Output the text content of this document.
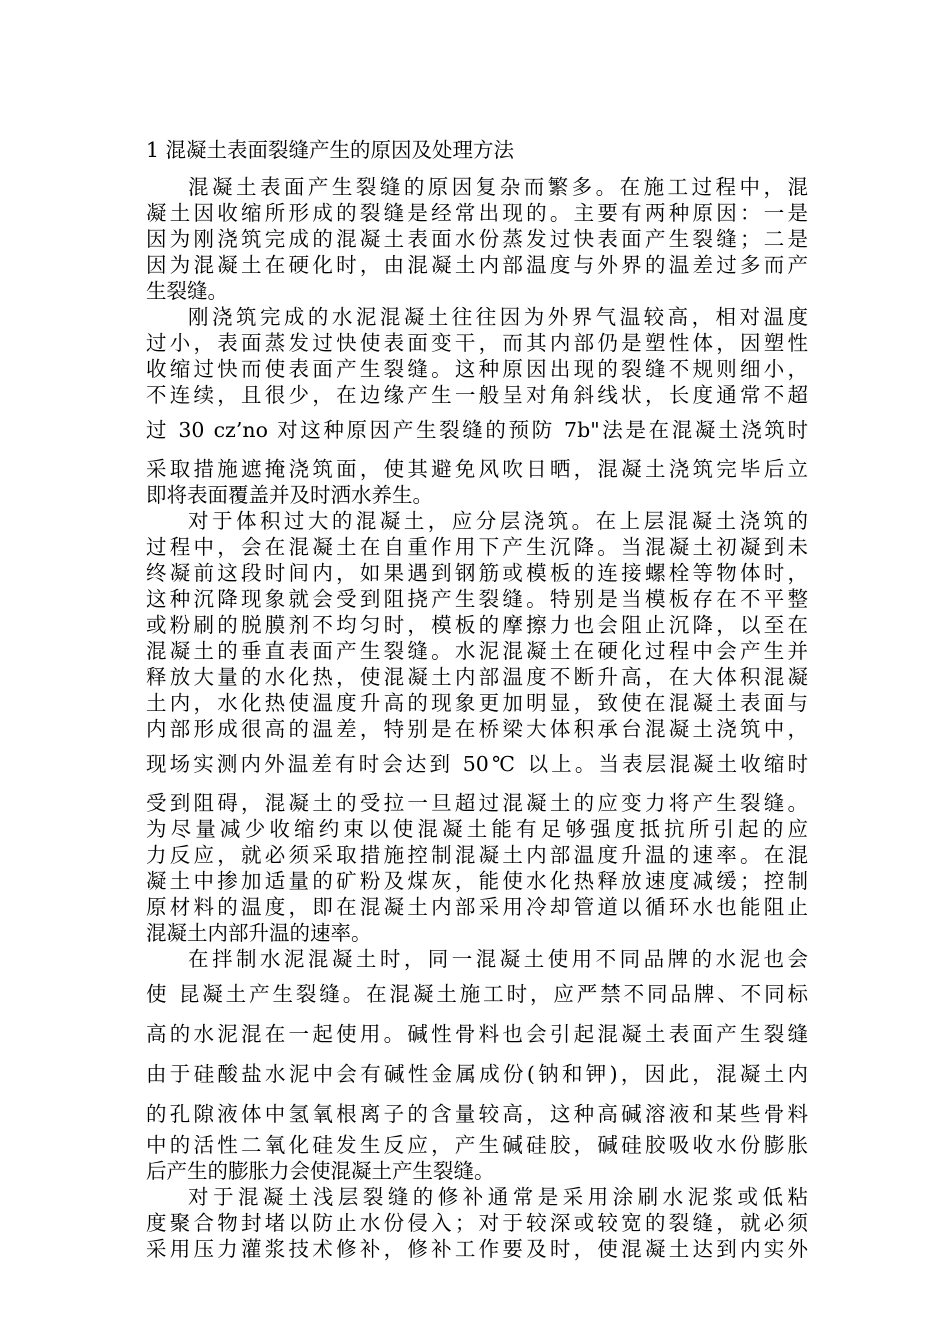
1 混凝土表面裂缝产生的原因及处理方法
混凝土表面产生裂缝的原因复杂而繁多。在施工过程中，混
凝土因收缩所形成的裂缝是经常出现的。主要有两种原因：一是
因为刚浇筑完成的混凝土表面水份蒸发过快表面产生裂缝；二是
因为混凝土在硬化时，由混凝土内部温度与外界的温差过多而产
生裂缝。
刚浇筑完成的水泥混凝土往往因为外界气温较高，相对温度
过小，表面蒸发过快使表面变干，而其内部仍是塑性体，因塑性
收缩过快而使表面产生裂缝。这种原因出现的裂缝不规则细小，
不连续，且很少，在边缘产生一般呈对角斜线状，长度通常不超
过 30 cz’no 对这种原因产生裂缝的预防 7b"法是在混凝土浇筑时
采取措施遮掩浇筑面，使其避免风吹日晒，混凝土浇筑完毕后立
即将表面覆盖并及时洒水养生。
对于体积过大的混凝土，应分层浇筑。在上层混凝土浇筑的
过程中，会在混凝土在自重作用下产生沉降。当混凝土初凝到未
终凝前这段时间内，如果遇到钢筋或模板的连接螺栓等物体时，
这种沉降现象就会受到阻挠产生裂缝。特别是当模板存在不平整
或粉刷的脱膜剂不均匀时，模板的摩擦力也会阻止沉降，以至在
混凝土的垂直表面产生裂缝。水泥混凝土在硬化过程中会产生并
释放大量的水化热，使混凝土内部温度不断升高，在大体积混凝
土内，水化热使温度升高的现象更加明显，致使在混凝土表面与
内部形成很高的温差，特别是在桥梁大体积承台混凝土浇筑中，
现场实测内外温差有时会达到 50℃ 以上。当表层混凝土收缩时
受到阻碍，混凝土的受拉一旦超过混凝土的应变力将产生裂缝。
为尽量减少收缩约束以使混凝土能有足够强度抵抗所引起的应
力反应，就必须采取措施控制混凝土内部温度升温的速率。在混
凝土中掺加适量的矿粉及煤灰，能使水化热释放速度减缓；控制
原材料的温度，即在混凝土内部采用冷却管道以循环水也能阻止
混凝土内部升温的速率。
在拌制水泥混凝土时，同一混凝土使用不同品牌的水泥也会
使 昆凝土产生裂缝。在混凝土施工时，应严禁不同品牌、不同标
高的水泥混在一起使用。碱性骨料也会引起混凝土表面产生裂缝
由于硅酸盐水泥中会有碱性金属成份(钠和钾)，因此，混凝土内
的孔隙液体中氢氧根离子的含量较高，这种高碱溶液和某些骨料
中的活性二氧化硅发生反应，产生碱硅胶，碱硅胶吸收水份膨胀
后产生的膨胀力会使混凝土产生裂缝。
对于混凝土浅层裂缝的修补通常是采用涂刷水泥浆或低粘
度聚合物封堵以防止水份侵入；对于较深或较宽的裂缝，就必须
采用压力灌浆技术修补，修补工作要及时，使混凝土达到内实外
